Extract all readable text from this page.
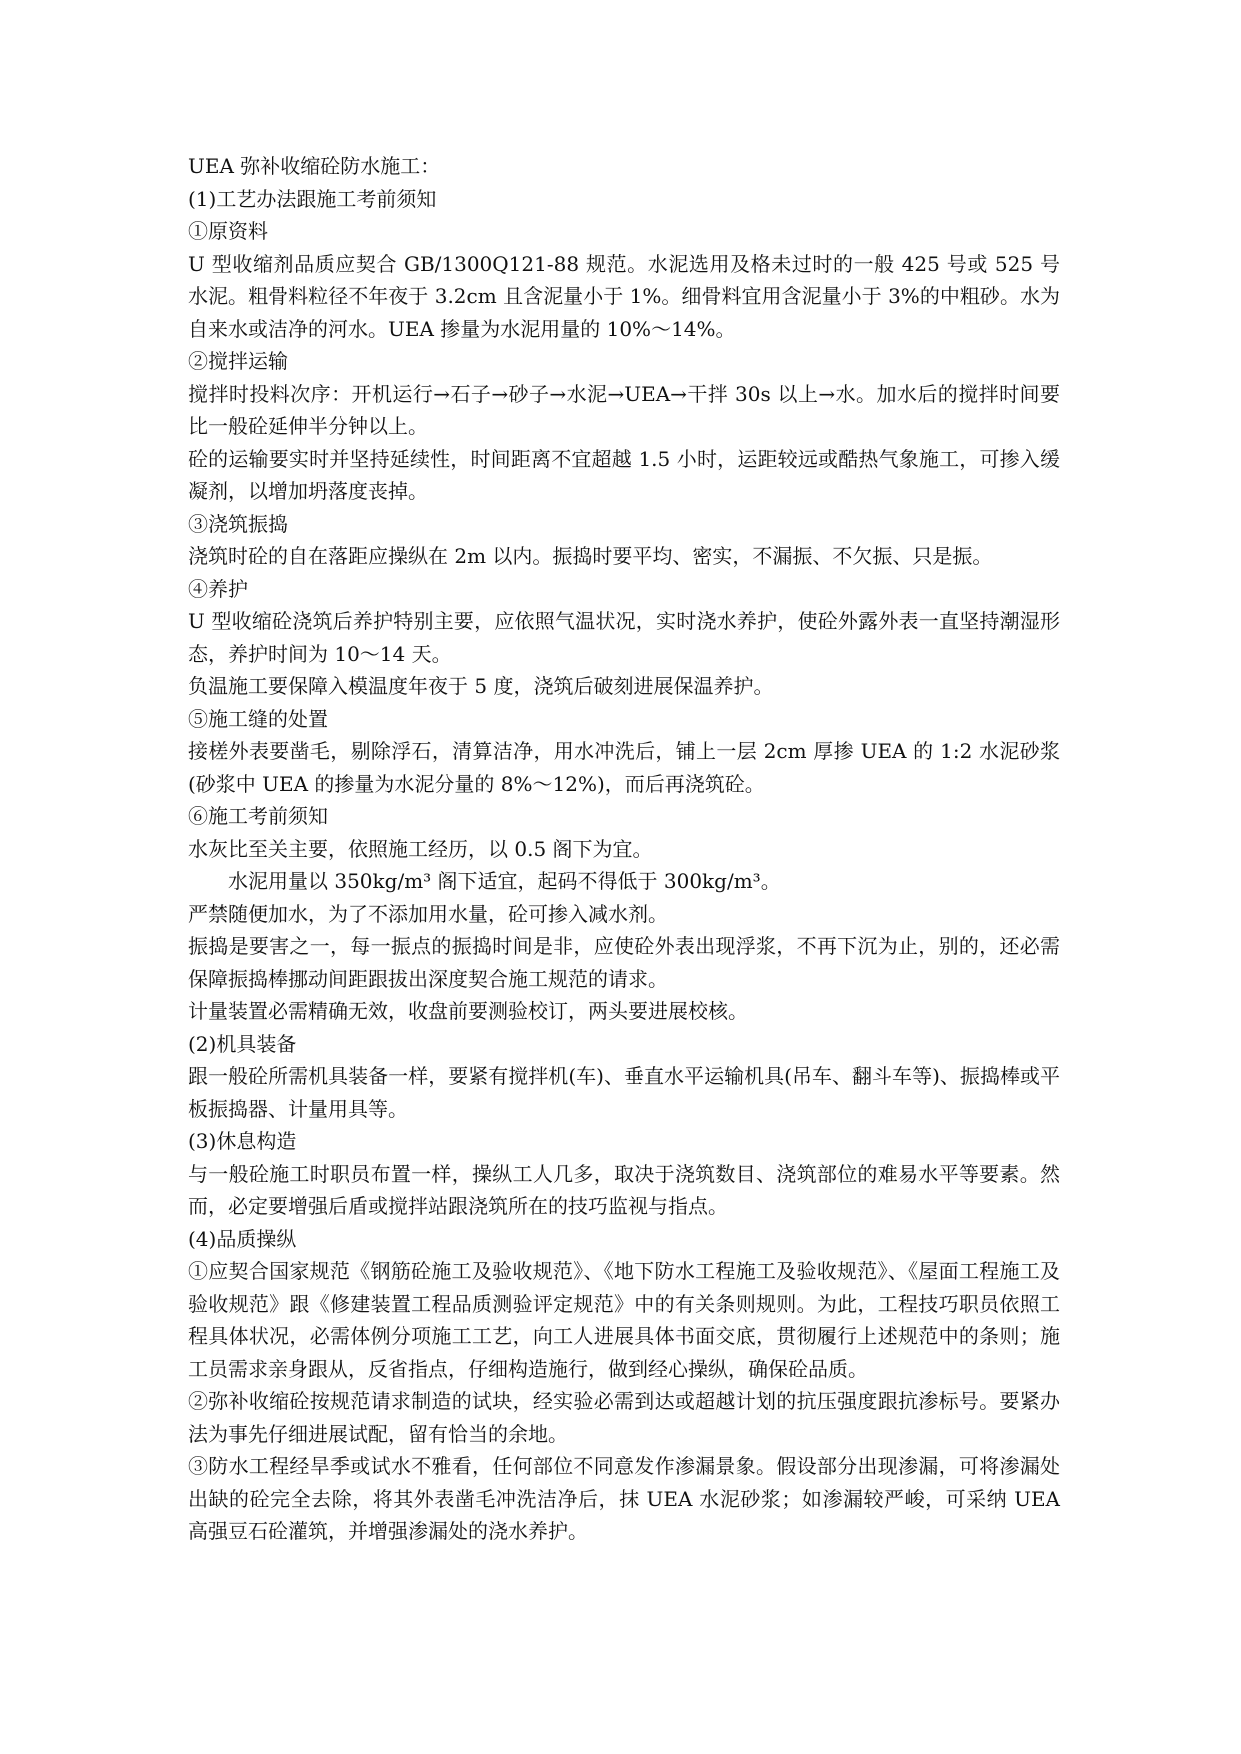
UEA 弥补收缩砼防水施工：

(1)工艺办法跟施工考前须知

①原资料

U 型收缩剂品质应契合 GB/1300Q121-88 规范。水泥选用及格未过时的一般 425 号或 525 号水泥。粗骨料粒径不年夜于 3.2cm 且含泥量小于 1%。细骨料宜用含泥量小于 3%的中粗砂。水为自来水或洁净的河水。UEA 掺量为水泥用量的 10%～14%。

②搅拌运输

搅拌时投料次序：开机运行→石子→砂子→水泥→UEA→干拌 30s 以上→水。加水后的搅拌时间要比一般砼延伸半分钟以上。

砼的运输要实时并坚持延续性，时间距离不宜超越 1.5 小时，运距较远或酷热气象施工，可掺入缓凝剂，以增加坍落度丧掉。

③浇筑振捣

浇筑时砼的自在落距应操纵在 2m 以内。振捣时要平均、密实，不漏振、不欠振、只是振。

④养护

U 型收缩砼浇筑后养护特别主要，应依照气温状况，实时浇水养护，使砼外露外表一直坚持潮湿形态，养护时间为 10～14 天。

负温施工要保障入模温度年夜于 5 度，浇筑后破刻进展保温养护。

⑤施工缝的处置

接槎外表要凿毛，剔除浮石，清算洁净，用水冲洗后，铺上一层 2cm 厚掺 UEA 的 1:2 水泥砂浆(砂浆中 UEA 的掺量为水泥分量的 8%～12%)，而后再浇筑砼。

⑥施工考前须知

水灰比至关主要，依照施工经历，以 0.5 阁下为宜。

水泥用量以 350kg/m³ 阁下适宜，起码不得低于 300kg/m³。

严禁随便加水，为了不添加用水量，砼可掺入减水剂。

振捣是要害之一，每一振点的振捣时间是非，应使砼外表出现浮浆，不再下沉为止，别的，还必需保障振捣棒挪动间距跟拔出深度契合施工规范的请求。

计量装置必需精确无效，收盘前要测验校订，两头要进展校核。

(2)机具装备

跟一般砼所需机具装备一样，要紧有搅拌机(车)、垂直水平运输机具(吊车、翻斗车等)、振捣棒或平板振捣器、计量用具等。

(3)休息构造

与一般砼施工时职员布置一样，操纵工人几多，取决于浇筑数目、浇筑部位的难易水平等要素。然而，必定要增强后盾或搅拌站跟浇筑所在的技巧监视与指点。

(4)品质操纵

①应契合国家规范《钢筋砼施工及验收规范》、《地下防水工程施工及验收规范》、《屋面工程施工及验收规范》跟《修建装置工程品质测验评定规范》中的有关条则规则。为此，工程技巧职员依照工程具体状况，必需体例分项施工工艺，向工人进展具体书面交底，贯彻履行上述规范中的条则；施工员需求亲身跟从，反省指点，仔细构造施行，做到经心操纵，确保砼品质。

②弥补收缩砼按规范请求制造的试块，经实验必需到达或超越计划的抗压强度跟抗渗标号。要紧办法为事先仔细进展试配，留有恰当的余地。

③防水工程经旱季或试水不雅看，任何部位不同意发作渗漏景象。假设部分出现渗漏，可将渗漏处出缺的砼完全去除，将其外表凿毛冲洗洁净后，抹 UEA 水泥砂浆；如渗漏较严峻，可采纳 UEA 高强豆石砼灌筑，并增强渗漏处的浇水养护。
